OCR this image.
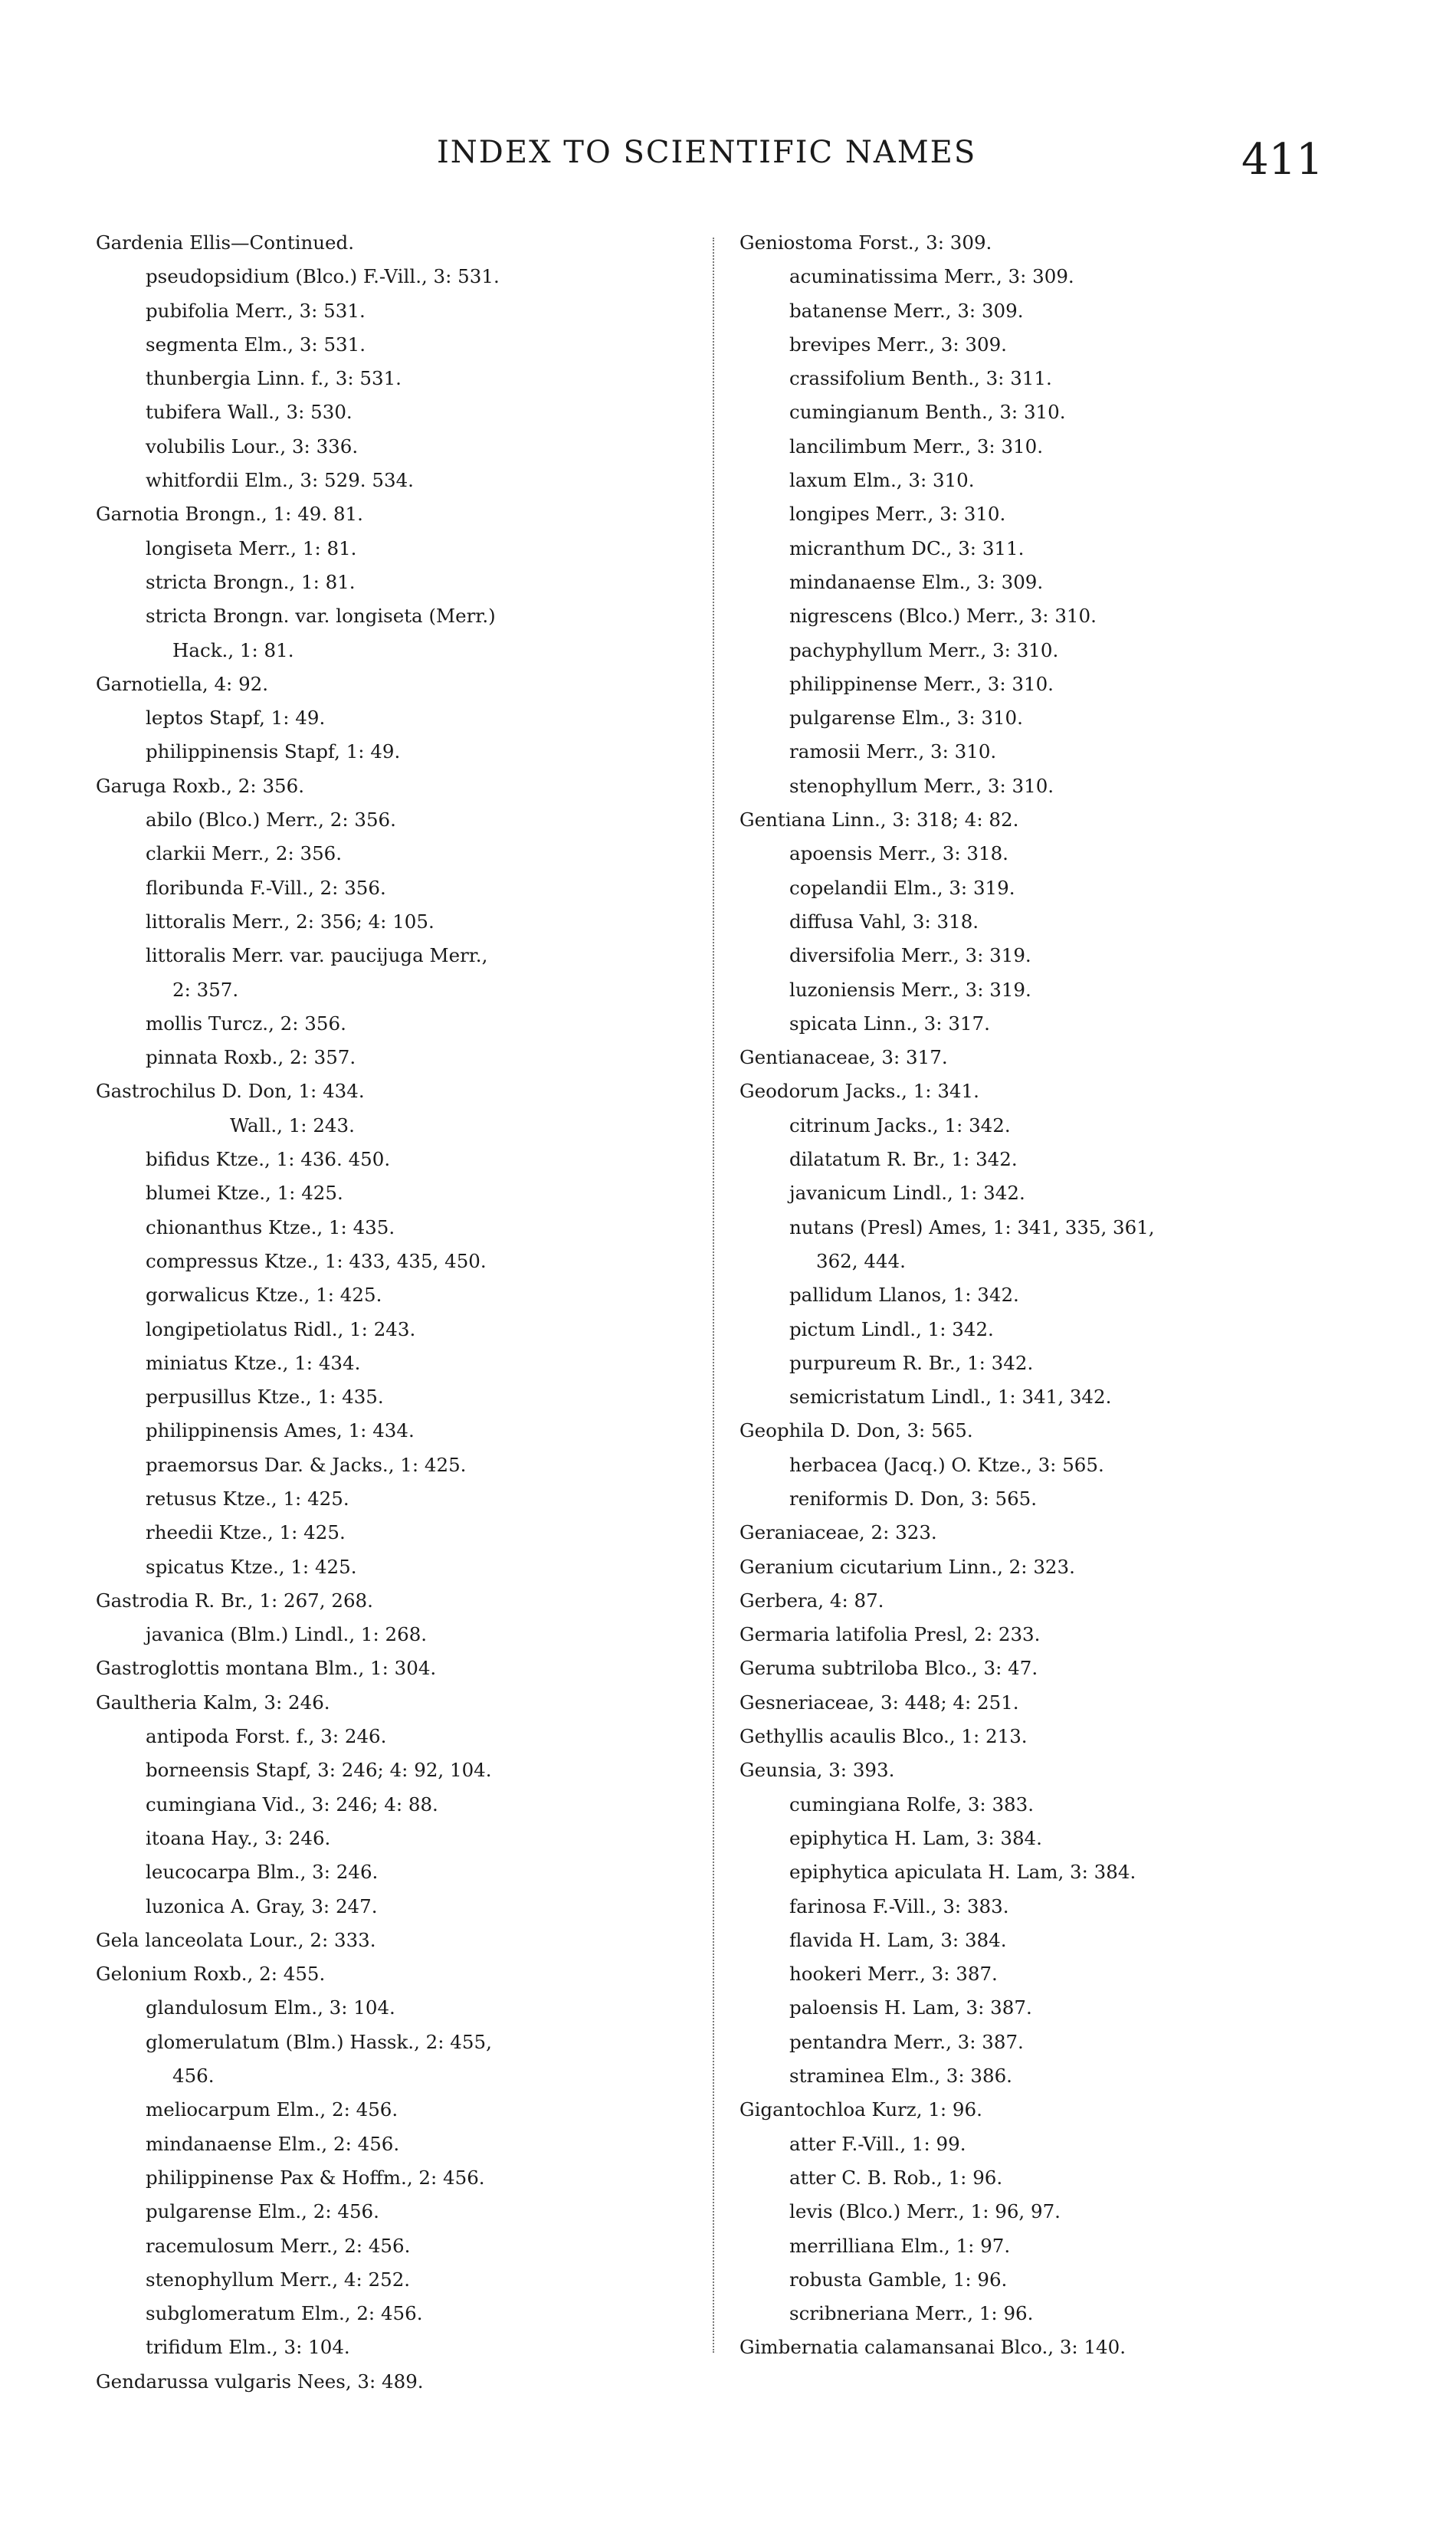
INDEX TO SCIENTIFIC NAMES	411
Gardenia Ellis—Continued.
pseudopsidium (Blco.) F.-Vill., 3: 531.
pubifolia Merr., 3: 531.
segmenta Elm., 3: 531.
thunbergia Linn. f., 3: 531.
tubifera Wall., 3: 530.
volubilis Lour., 3: 336.
whitfordii Elm., 3: 529. 534.
Garnotia Brongn., 1: 49. 81.
longiseta Merr., 1: 81.
stricta Brongn., 1: 81.
stricta Brongn. var. longiseta (Merr.)
Hack., 1: 81.
Garnotiella, 4: 92.
leptos Stapf, 1: 49.
philippinensis Stapf, 1: 49.
Garuga Roxb., 2: 356.
abilo (Blco.) Merr., 2: 356.
clarkii Merr., 2: 356.
floribunda F.-Vill., 2: 356.
littoralis Merr., 2: 356; 4: 105.
littoralis Merr. var. paucijuga Merr.,
2: 357.
mollis Turcz., 2: 356.
pinnata Roxb., 2: 357.
Gastrochilus D. Don, 1: 434.
Wall., 1: 243.
bifidus Ktze., 1: 436. 450.
blumei Ktze., 1: 425.
chionanthus Ktze., 1: 435.
compressus Ktze., 1: 433, 435, 450.
gorwalicus Ktze., 1: 425.
longipetiolatus Ridl., 1: 243.
miniatus Ktze., 1: 434.
perpusillus Ktze., 1: 435.
philippinensis Ames, 1: 434.
praemorsus Dar. & Jacks., 1: 425.
retusus Ktze., 1: 425.
rheedii Ktze., 1: 425.
spicatus Ktze., 1: 425.
Gastrodia R. Br., 1: 267, 268.
javanica (Blm.) Lindl., 1: 268.
Gastroglottis montana Blm., 1: 304.
Gaultheria Kalm, 3: 246.
antipoda Forst. f., 3: 246.
borneensis Stapf, 3: 246; 4: 92, 104.
cumingiana Vid., 3: 246; 4: 88.
itoana Hay., 3: 246.
leucocarpa Blm., 3: 246.
luzonica A. Gray, 3: 247.
Gela lanceolata Lour., 2: 333.
Gelonium Roxb., 2: 455.
glandulosum Elm., 3: 104.
glomerulatum (Blm.) Hassk., 2: 455,
456.
meliocarpum Elm., 2: 456.
mindanaense Elm., 2: 456.
philippinense Pax & Hoffm., 2: 456.
pulgarense Elm., 2: 456.
racemulosum Merr., 2: 456.
stenophyllum Merr., 4: 252.
subglomeratum Elm., 2: 456.
trifidum Elm., 3: 104.
Gendarussa vulgaris Nees, 3: 489.
Geniostoma Forst., 3: 309.
acuminatissima Merr., 3: 309.
batanense Merr., 3: 309.
brevipes Merr., 3: 309.
crassifolium Benth., 3: 311.
cumingianum Benth., 3: 310.
lancilimbum Merr., 3: 310.
laxum Elm., 3: 310.
longipes Merr., 3: 310.
micranthum DC., 3: 311.
mindanaense Elm., 3: 309.
nigrescens (Blco.) Merr., 3: 310.
pachyphyllum Merr., 3: 310.
philippinense Merr., 3: 310.
pulgarense Elm., 3: 310.
ramosii Merr., 3: 310.
stenophyllum Merr., 3: 310.
Gentiana Linn., 3: 318; 4: 82.
apoensis Merr., 3: 318.
copelandii Elm., 3: 319.
diffusa Vahl, 3: 318.
diversifolia Merr., 3: 319.
luzoniensis Merr., 3: 319.
spicata Linn., 3: 317.
Gentianaceae, 3: 317.
Geodorum Jacks., 1: 341.
citrinum Jacks., 1: 342.
dilatatum R. Br., 1: 342.
javanicum Lindl., 1: 342.
nutans (Presl) Ames, 1: 341, 335, 361,
362, 444.
pallidum Llanos, 1: 342.
pictum Lindl., 1: 342.
purpureum R. Br., 1: 342.
semicristatum Lindl., 1: 341, 342.
Geophila D. Don, 3: 565.
herbacea (Jacq.) O. Ktze., 3: 565.
reniformis D. Don, 3: 565.
Geraniaceae, 2: 323.
Geranium cicutarium Linn., 2: 323.
Gerbera, 4: 87.
Germaria latifolia Presl, 2: 233.
Geruma subtriloba Blco., 3: 47.
Gesneriaceae, 3: 448; 4: 251.
Gethyllis acaulis Blco., 1: 213.
Geunsia, 3: 393.
cumingiana Rolfe, 3: 383.
epiphytica H. Lam, 3: 384.
epiphytica apiculata H. Lam, 3: 384.
farinosa F.-Vill., 3: 383.
flavida H. Lam, 3: 384.
hookeri Merr., 3: 387.
paloensis H. Lam, 3: 387.
pentandra Merr., 3: 387.
straminea Elm., 3: 386.
Gigantochloa Kurz, 1: 96.
atter F.-Vill., 1: 99.
atter C. B. Rob., 1: 96.
levis (Blco.) Merr., 1: 96, 97.
merrilliana Elm., 1: 97.
robusta Gamble, 1: 96.
scribneriana Merr., 1: 96.
Gimbernatia calamansanai Blco., 3: 140.
